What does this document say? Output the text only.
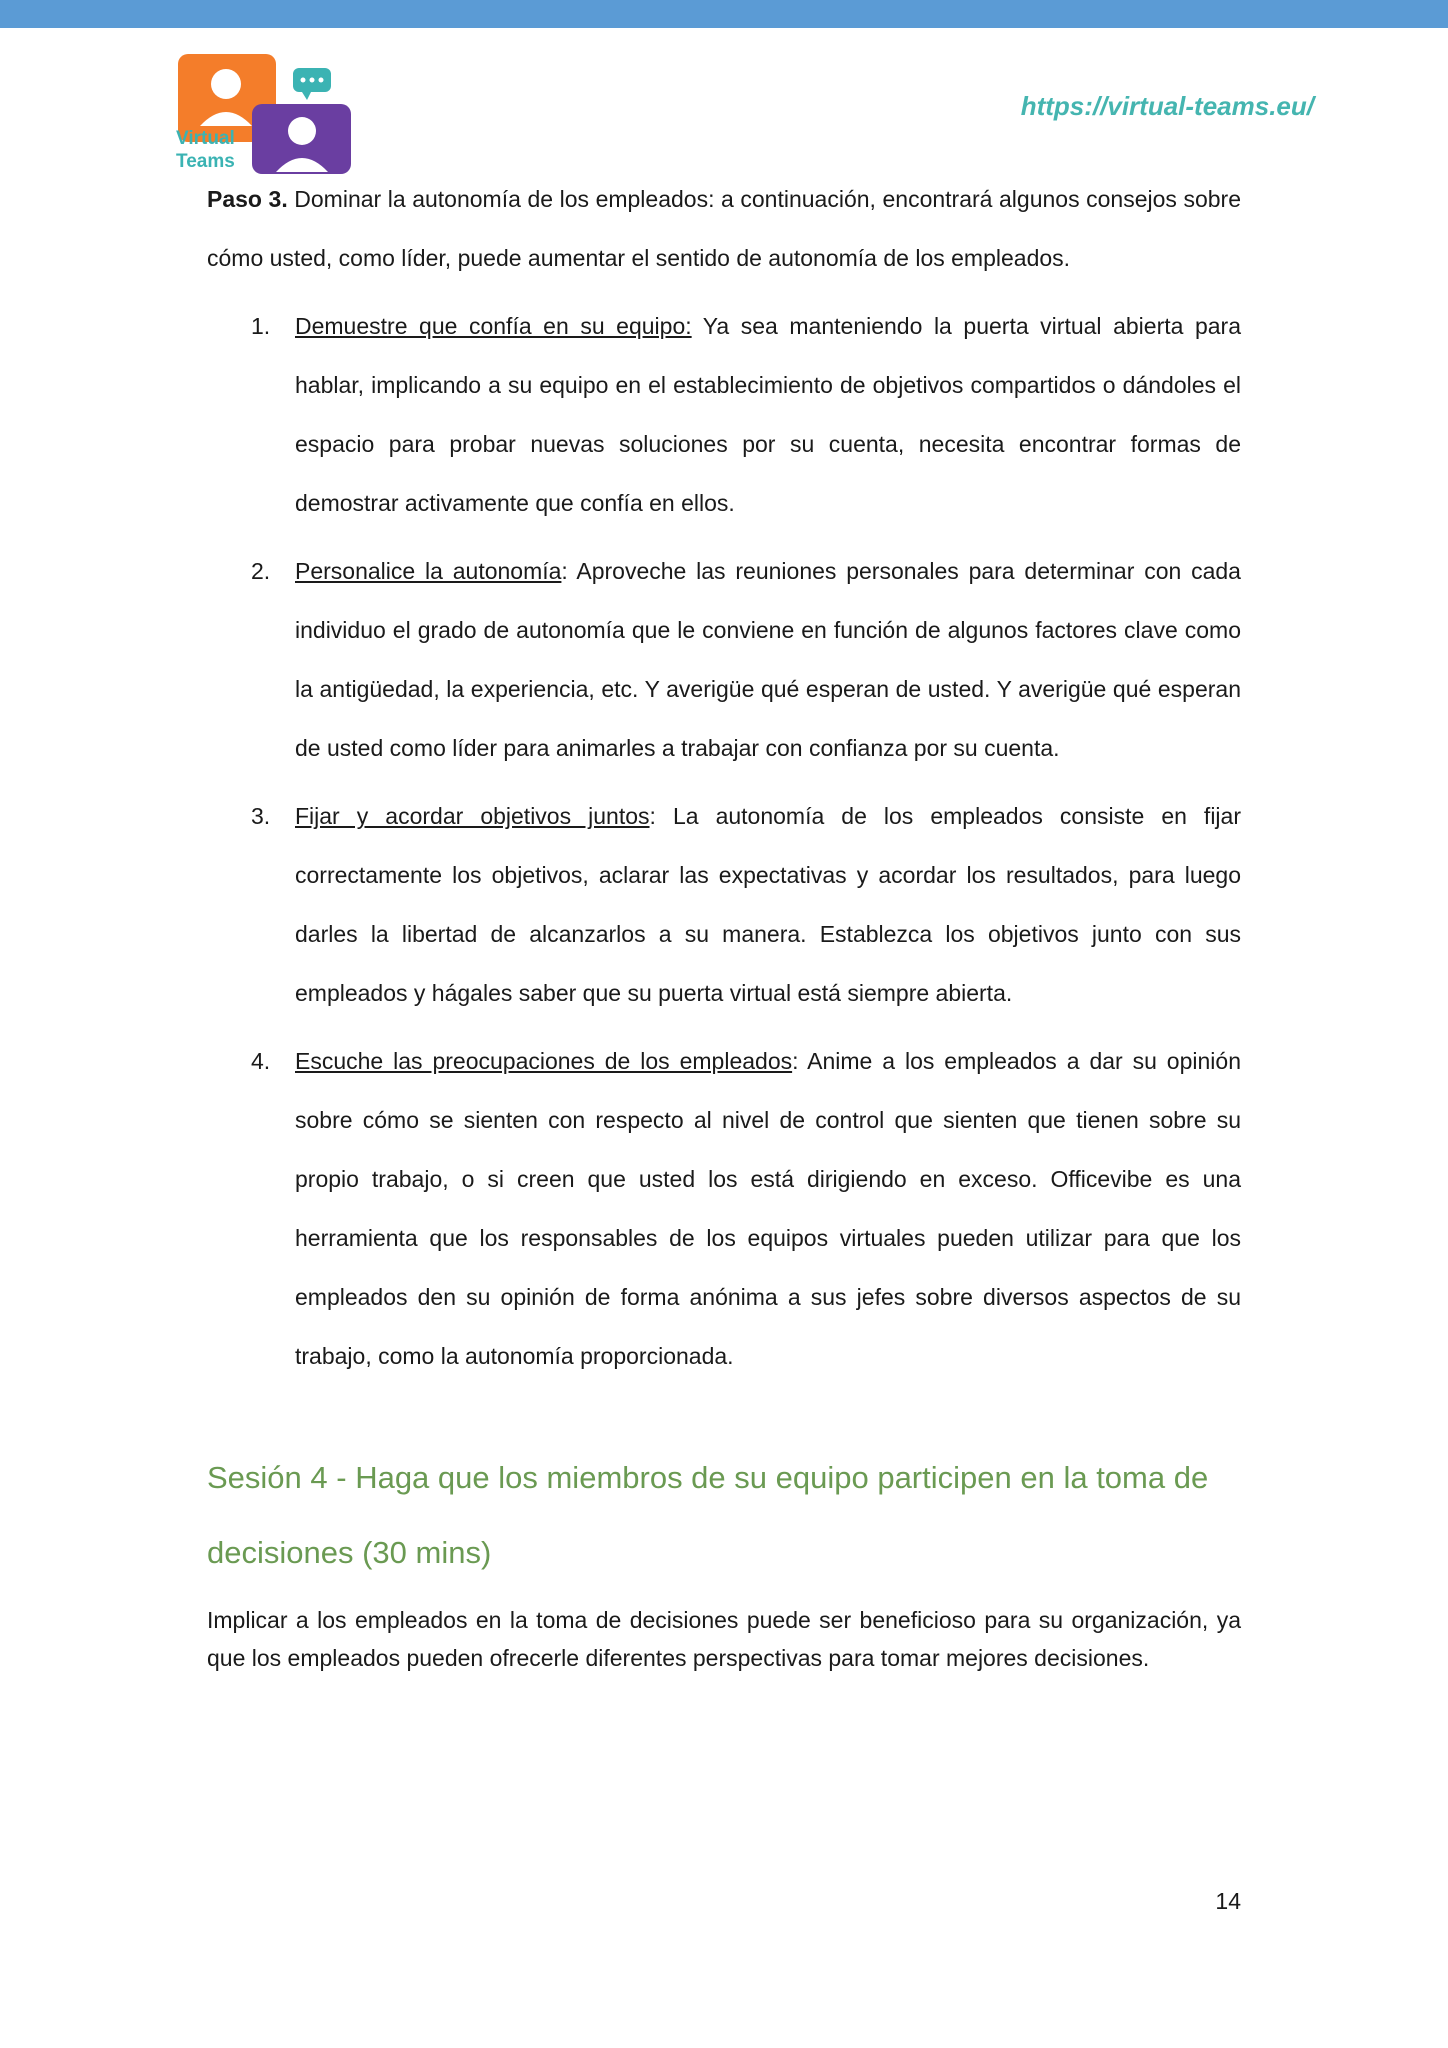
Virtual
Teams
https://virtual-teams.eu/

Paso 3. Dominar la autonomía de los empleados: a continuación, encontrará algunos consejos sobre cómo usted, como líder, puede aumentar el sentido de autonomía de los empleados.

1. Demuestre que confía en su equipo: Ya sea manteniendo la puerta virtual abierta para hablar, implicando a su equipo en el establecimiento de objetivos compartidos o dándoles el espacio para probar nuevas soluciones por su cuenta, necesita encontrar formas de demostrar activamente que confía en ellos.
2. Personalice la autonomía: Aproveche las reuniones personales para determinar con cada individuo el grado de autonomía que le conviene en función de algunos factores clave como la antigüedad, la experiencia, etc. Y averigüe qué esperan de usted. Y averigüe qué esperan de usted como líder para animarles a trabajar con confianza por su cuenta.
3. Fijar y acordar objetivos juntos: La autonomía de los empleados consiste en fijar correctamente los objetivos, aclarar las expectativas y acordar los resultados, para luego darles la libertad de alcanzarlos a su manera. Establezca los objetivos junto con sus empleados y hágales saber que su puerta virtual está siempre abierta.
4. Escuche las preocupaciones de los empleados: Anime a los empleados a dar su opinión sobre cómo se sienten con respecto al nivel de control que sienten que tienen sobre su propio trabajo, o si creen que usted los está dirigiendo en exceso. Officevibe es una herramienta que los responsables de los equipos virtuales pueden utilizar para que los empleados den su opinión de forma anónima a sus jefes sobre diversos aspectos de su trabajo, como la autonomía proporcionada.
Sesión 4 - Haga que los miembros de su equipo participen en la toma de decisiones (30 mins)

Implicar a los empleados en la toma de decisiones puede ser beneficioso para su organización, ya que los empleados pueden ofrecerle diferentes perspectivas para tomar mejores decisiones.

14
